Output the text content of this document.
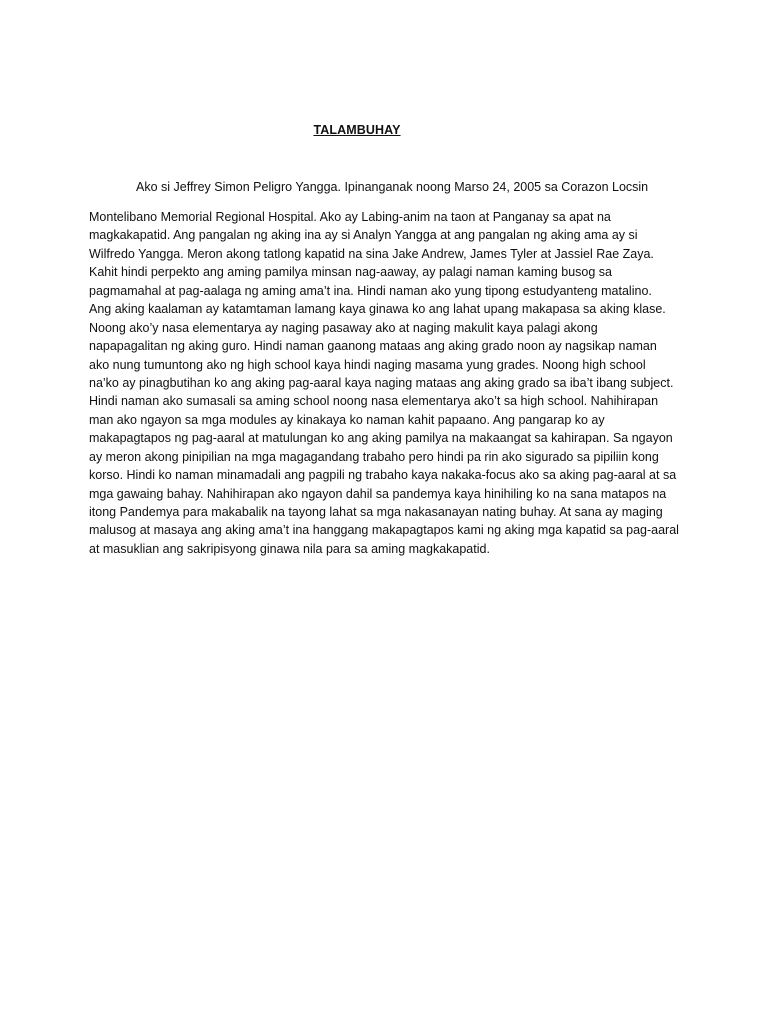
TALAMBUHAY
Ako si Jeffrey Simon Peligro Yangga. Ipinanganak noong Marso 24, 2005 sa Corazon Locsin
Montelibano Memorial Regional Hospital. Ako ay Labing-anim na taon at Panganay sa apat na
magkakapatid. Ang pangalan ng aking ina ay si Analyn Yangga at ang pangalan ng aking ama ay si
Wilfredo Yangga. Meron akong tatlong kapatid na sina Jake Andrew, James Tyler at Jassiel Rae Zaya.
Kahit hindi perpekto ang aming pamilya minsan nag-aaway, ay palagi naman kaming busog sa
pagmamahal at pag-aalaga ng aming ama’t ina. Hindi naman ako yung tipong estudyanteng matalino.
Ang aking kaalaman ay katamtaman lamang kaya ginawa ko ang lahat upang makapasa sa aking klase.
Noong ako’y nasa elementarya ay naging pasaway ako at naging makulit kaya palagi akong
napapagalitan ng aking guro. Hindi naman gaanong mataas ang aking grado noon ay nagsikap naman
ako nung tumuntong ako ng high school kaya hindi naging masama yung grades. Noong high school
na’ko ay pinagbutihan ko ang aking pag-aaral kaya naging mataas ang aking grado sa iba’t ibang subject.
Hindi naman ako sumasali sa aming school noong nasa elementarya ako’t sa high school. Nahihirapan
man ako ngayon sa mga modules ay kinakaya ko naman kahit papaano. Ang pangarap ko ay
makapagtapos ng pag-aaral at matulungan ko ang aking pamilya na makaangat sa kahirapan. Sa ngayon
ay meron akong pinipilian na mga magagandang trabaho pero hindi pa rin ako sigurado sa pipiliin kong
korso. Hindi ko naman minamadali ang pagpili ng trabaho kaya nakaka-focus ako sa aking pag-aaral at sa
mga gawaing bahay. Nahihirapan ako ngayon dahil sa pandemya kaya hinihiling ko na sana matapos na
itong Pandemya para makabalik na tayong lahat sa mga nakasanayan nating buhay. At sana ay maging
malusog at masaya ang aking ama’t ina hanggang makapagtapos kami ng aking mga kapatid sa pag-aaral
at masuklian ang sakripisyong ginawa nila para sa aming magkakapatid.
